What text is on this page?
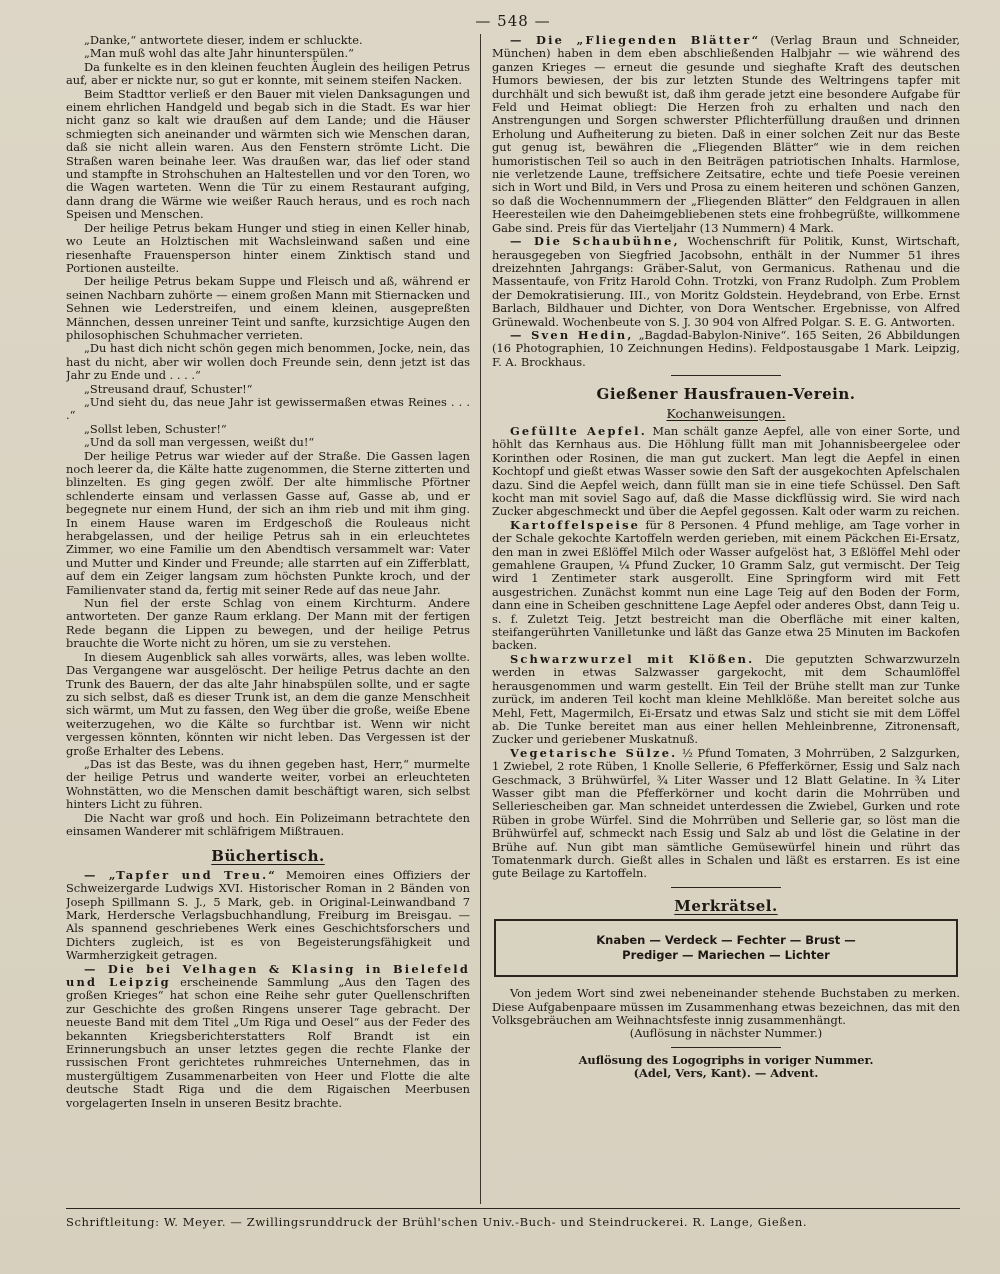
— 548 —

„Danke,“ antwortete dieser, indem er schluckte.

„Man muß wohl das alte Jahr hinunterspülen.“

Da funkelte es in den kleinen feuchten Äuglein des heiligen Petrus auf, aber er nickte nur, so gut er konnte, mit seinem steifen Nacken.

Beim Stadttor verließ er den Bauer mit vielen Danksagungen und einem ehrlichen Handgeld und begab sich in die Stadt. Es war hier nicht ganz so kalt wie draußen auf dem Lande; und die Häuser schmiegten sich aneinander und wärmten sich wie Menschen daran, daß sie nicht allein waren. Aus den Fenstern strömte Licht. Die Straßen waren beinahe leer. Was draußen war, das lief oder stand und stampfte in Strohschuhen an Haltestellen und vor den Toren, wo die Wagen warteten. Wenn die Tür zu einem Restaurant aufging, dann drang die Wärme wie weißer Rauch heraus, und es roch nach Speisen und Menschen.

Der heilige Petrus bekam Hunger und stieg in einen Keller hinab, wo Leute an Holztischen mit Wachsleinwand saßen und eine riesenhafte Frauensperson hinter einem Zinktisch stand und Portionen austeilte.

Der heilige Petrus bekam Suppe und Fleisch und aß, während er seinen Nachbarn zuhörte — einem großen Mann mit Stiernacken und Sehnen wie Lederstreifen, und einem kleinen, ausgepreßten Männchen, dessen unreiner Teint und sanfte, kurzsichtige Augen den philosophischen Schuhmacher verrieten.

„Du hast dich nicht schön gegen mich benommen, Jocke, nein, das hast du nicht, aber wir wollen doch Freunde sein, denn jetzt ist das Jahr zu Ende und . . . .“

„Streusand drauf, Schuster!“

„Und sieht du, das neue Jahr ist gewissermaßen etwas Reines . . . .“

„Sollst leben, Schuster!“

„Und da soll man vergessen, weißt du!“

Der heilige Petrus war wieder auf der Straße. Die Gassen lagen noch leerer da, die Kälte hatte zugenommen, die Sterne zitterten und blinzelten. Es ging gegen zwölf. Der alte himmlische Pförtner schlenderte einsam und verlassen Gasse auf, Gasse ab, und er begegnete nur einem Hund, der sich an ihm rieb und mit ihm ging. In einem Hause waren im Erdgeschoß die Rouleaus nicht herabgelassen, und der heilige Petrus sah in ein erleuchtetes Zimmer, wo eine Familie um den Abendtisch versammelt war: Vater und Mutter und Kinder und Freunde; alle starrten auf ein Zifferblatt, auf dem ein Zeiger langsam zum höchsten Punkte kroch, und der Familienvater stand da, fertig mit seiner Rede auf das neue Jahr.

Nun fiel der erste Schlag von einem Kirchturm. Andere antworteten. Der ganze Raum erklang. Der Mann mit der fertigen Rede begann die Lippen zu bewegen, und der heilige Petrus brauchte die Worte nicht zu hören, um sie zu verstehen.

In diesem Augenblick sah alles vorwärts, alles, was leben wollte. Das Vergangene war ausgelöscht. Der heilige Petrus dachte an den Trunk des Bauern, der das alte Jahr hinabspülen sollte, und er sagte zu sich selbst, daß es dieser Trunk ist, an dem die ganze Menschheit sich wärmt, um Mut zu fassen, den Weg über die große, weiße Ebene weiterzugehen, wo die Kälte so furchtbar ist. Wenn wir nicht vergessen könnten, könnten wir nicht leben. Das Vergessen ist der große Erhalter des Lebens.

„Das ist das Beste, was du ihnen gegeben hast, Herr,“ murmelte der heilige Petrus und wanderte weiter, vorbei an erleuchteten Wohnstätten, wo die Menschen damit beschäftigt waren, sich selbst hinters Licht zu führen.

Die Nacht war groß und hoch. Ein Polizeimann betrachtete den einsamen Wanderer mit schläfrigem Mißtrauen.

Büchertisch.

— „Tapfer und Treu.“ Memoiren eines Offiziers der Schweizergarde Ludwigs XVI. Historischer Roman in 2 Bänden von Joseph Spillmann S. J., 5 Mark, geb. in Original-Leinwandband 7 Mark, Herdersche Verlagsbuchhandlung, Freiburg im Breisgau. — Als spannend geschriebenes Werk eines Geschichtsforschers und Dichters zugleich, ist es von Begeisterungsfähigkeit und Warmherzigkeit getragen.

— Die bei Velhagen & Klasing in Bielefeld und Leipzig erscheinende Sammlung „Aus den Tagen des großen Krieges“ hat schon eine Reihe sehr guter Quellenschriften zur Geschichte des großen Ringens unserer Tage gebracht. Der neueste Band mit dem Titel „Um Riga und Oesel“ aus der Feder des bekannten Kriegsberichterstatters Rolf Brandt ist ein Erinnerungsbuch an unser letztes gegen die rechte Flanke der russischen Front gerichtetes ruhmreiches Unternehmen, das in mustergültigem Zusammenarbeiten von Heer und Flotte die alte deutsche Stadt Riga und die dem Rigaischen Meerbusen vorgelagerten Inseln in unseren Besitz brachte.

— Die „Fliegenden Blätter“ (Verlag Braun und Schneider, München) haben in dem eben abschließenden Halbjahr — wie während des ganzen Krieges — erneut die gesunde und sieghafte Kraft des deutschen Humors bewiesen, der bis zur letzten Stunde des Weltringens tapfer mit durchhält und sich bewußt ist, daß ihm gerade jetzt eine besondere Aufgabe für Feld und Heimat obliegt: Die Herzen froh zu erhalten und nach den Anstrengungen und Sorgen schwerster Pflichterfüllung draußen und drinnen Erholung und Aufheiterung zu bieten. Daß in einer solchen Zeit nur das Beste gut genug ist, bewähren die „Fliegenden Blätter“ wie in dem reichen humoristischen Teil so auch in den Beiträgen patriotischen Inhalts. Harmlose, nie verletzende Laune, treffsichere Zeitsatire, echte und tiefe Poesie vereinen sich in Wort und Bild, in Vers und Prosa zu einem heiteren und schönen Ganzen, so daß die Wochennummern der „Fliegenden Blätter“ den Feldgrauen in allen Heeresteilen wie den Daheimgebliebenen stets eine frohbegrüßte, willkommene Gabe sind. Preis für das Vierteljahr (13 Nummern) 4 Mark.

— Die Schaubühne, Wochenschrift für Politik, Kunst, Wirtschaft, herausgegeben von Siegfried Jacobsohn, enthält in der Nummer 51 ihres dreizehnten Jahrgangs: Gräber-Salut, von Germanicus. Rathenau und die Massentaufe, von Fritz Harold Cohn. Trotzki, von Franz Rudolph. Zum Problem der Demokratisierung. III., von Moritz Goldstein. Heydebrand, von Erbe. Ernst Barlach, Bildhauer und Dichter, von Dora Wentscher. Ergebnisse, von Alfred Grünewald. Wochenbeute von S. J. 30 904 von Alfred Polgar. S. E. G. Antworten.

— Sven Hedin, „Bagdad-Babylon-Ninive“. 165 Seiten, 26 Abbildungen (16 Photographien, 10 Zeichnungen Hedins). Feldpostausgabe 1 Mark. Leipzig, F. A. Brockhaus.

Gießener Hausfrauen-Verein.
Kochanweisungen.

Gefüllte Aepfel. Man schält ganze Aepfel, alle von einer Sorte, und höhlt das Kernhaus aus. Die Höhlung füllt man mit Johannisbeergelee oder Korinthen oder Rosinen, die man gut zuckert. Man legt die Aepfel in einen Kochtopf und gießt etwas Wasser sowie den Saft der ausgekochten Apfelschalen dazu. Sind die Aepfel weich, dann füllt man sie in eine tiefe Schüssel. Den Saft kocht man mit soviel Sago auf, daß die Masse dickflüssig wird. Sie wird nach Zucker abgeschmeckt und über die Aepfel gegossen. Kalt oder warm zu reichen.

Kartoffelspeise für 8 Personen. 4 Pfund mehlige, am Tage vorher in der Schale gekochte Kartoffeln werden gerieben, mit einem Päckchen Ei-Ersatz, den man in zwei Eßlöffel Milch oder Wasser aufgelöst hat, 3 Eßlöffel Mehl oder gemahlene Graupen, ¼ Pfund Zucker, 10 Gramm Salz, gut vermischt. Der Teig wird 1 Zentimeter stark ausgerollt. Eine Springform wird mit Fett ausgestrichen. Zunächst kommt nun eine Lage Teig auf den Boden der Form, dann eine in Scheiben geschnittene Lage Aepfel oder anderes Obst, dann Teig u. s. f. Zuletzt Teig. Jetzt bestreicht man die Oberfläche mit einer kalten, steifangerührten Vanilletunke und läßt das Ganze etwa 25 Minuten im Backofen backen.

Schwarzwurzel mit Klößen. Die geputzten Schwarzwurzeln werden in etwas Salzwasser gargekocht, mit dem Schaumlöffel herausgenommen und warm gestellt. Ein Teil der Brühe stellt man zur Tunke zurück, im anderen Teil kocht man kleine Mehlklöße. Man bereitet solche aus Mehl, Fett, Magermilch, Ei-Ersatz und etwas Salz und sticht sie mit dem Löffel ab. Die Tunke bereitet man aus einer hellen Mehleinbrenne, Zitronensaft, Zucker und geriebener Muskatnuß.

Vegetarische Sülze. ½ Pfund Tomaten, 3 Mohrrüben, 2 Salzgurken, 1 Zwiebel, 2 rote Rüben, 1 Knolle Sellerie, 6 Pfefferkörner, Essig und Salz nach Geschmack, 3 Brühwürfel, ¾ Liter Wasser und 12 Blatt Gelatine. In ¾ Liter Wasser gibt man die Pfefferkörner und kocht darin die Mohrrüben und Selleriescheiben gar. Man schneidet unterdessen die Zwiebel, Gurken und rote Rüben in grobe Würfel. Sind die Mohrrüben und Sellerie gar, so löst man die Brühwürfel auf, schmeckt nach Essig und Salz ab und löst die Gelatine in der Brühe auf. Nun gibt man sämtliche Gemüsewürfel hinein und rührt das Tomatenmark durch. Gießt alles in Schalen und läßt es erstarren. Es ist eine gute Beilage zu Kartoffeln.

Merkrätsel.
Knaben — Verdeck — Fechter — Brust —
Prediger — Mariechen — Lichter

Von jedem Wort sind zwei nebeneinander stehende Buchstaben zu merken. Diese Aufgabenpaare müssen im Zusammenhang etwas bezeichnen, das mit den Volksgebräuchen am Weihnachtsfeste innig zusammenhängt.

(Auflösung in nächster Nummer.)

Auflösung des Logogriphs in voriger Nummer.

(Adel, Vers, Kant). — Advent.

Schriftleitung: W. Meyer. — Zwillingsrunddruck der Brühl'schen Univ.-Buch- und Steindruckerei. R. Lange, Gießen.
